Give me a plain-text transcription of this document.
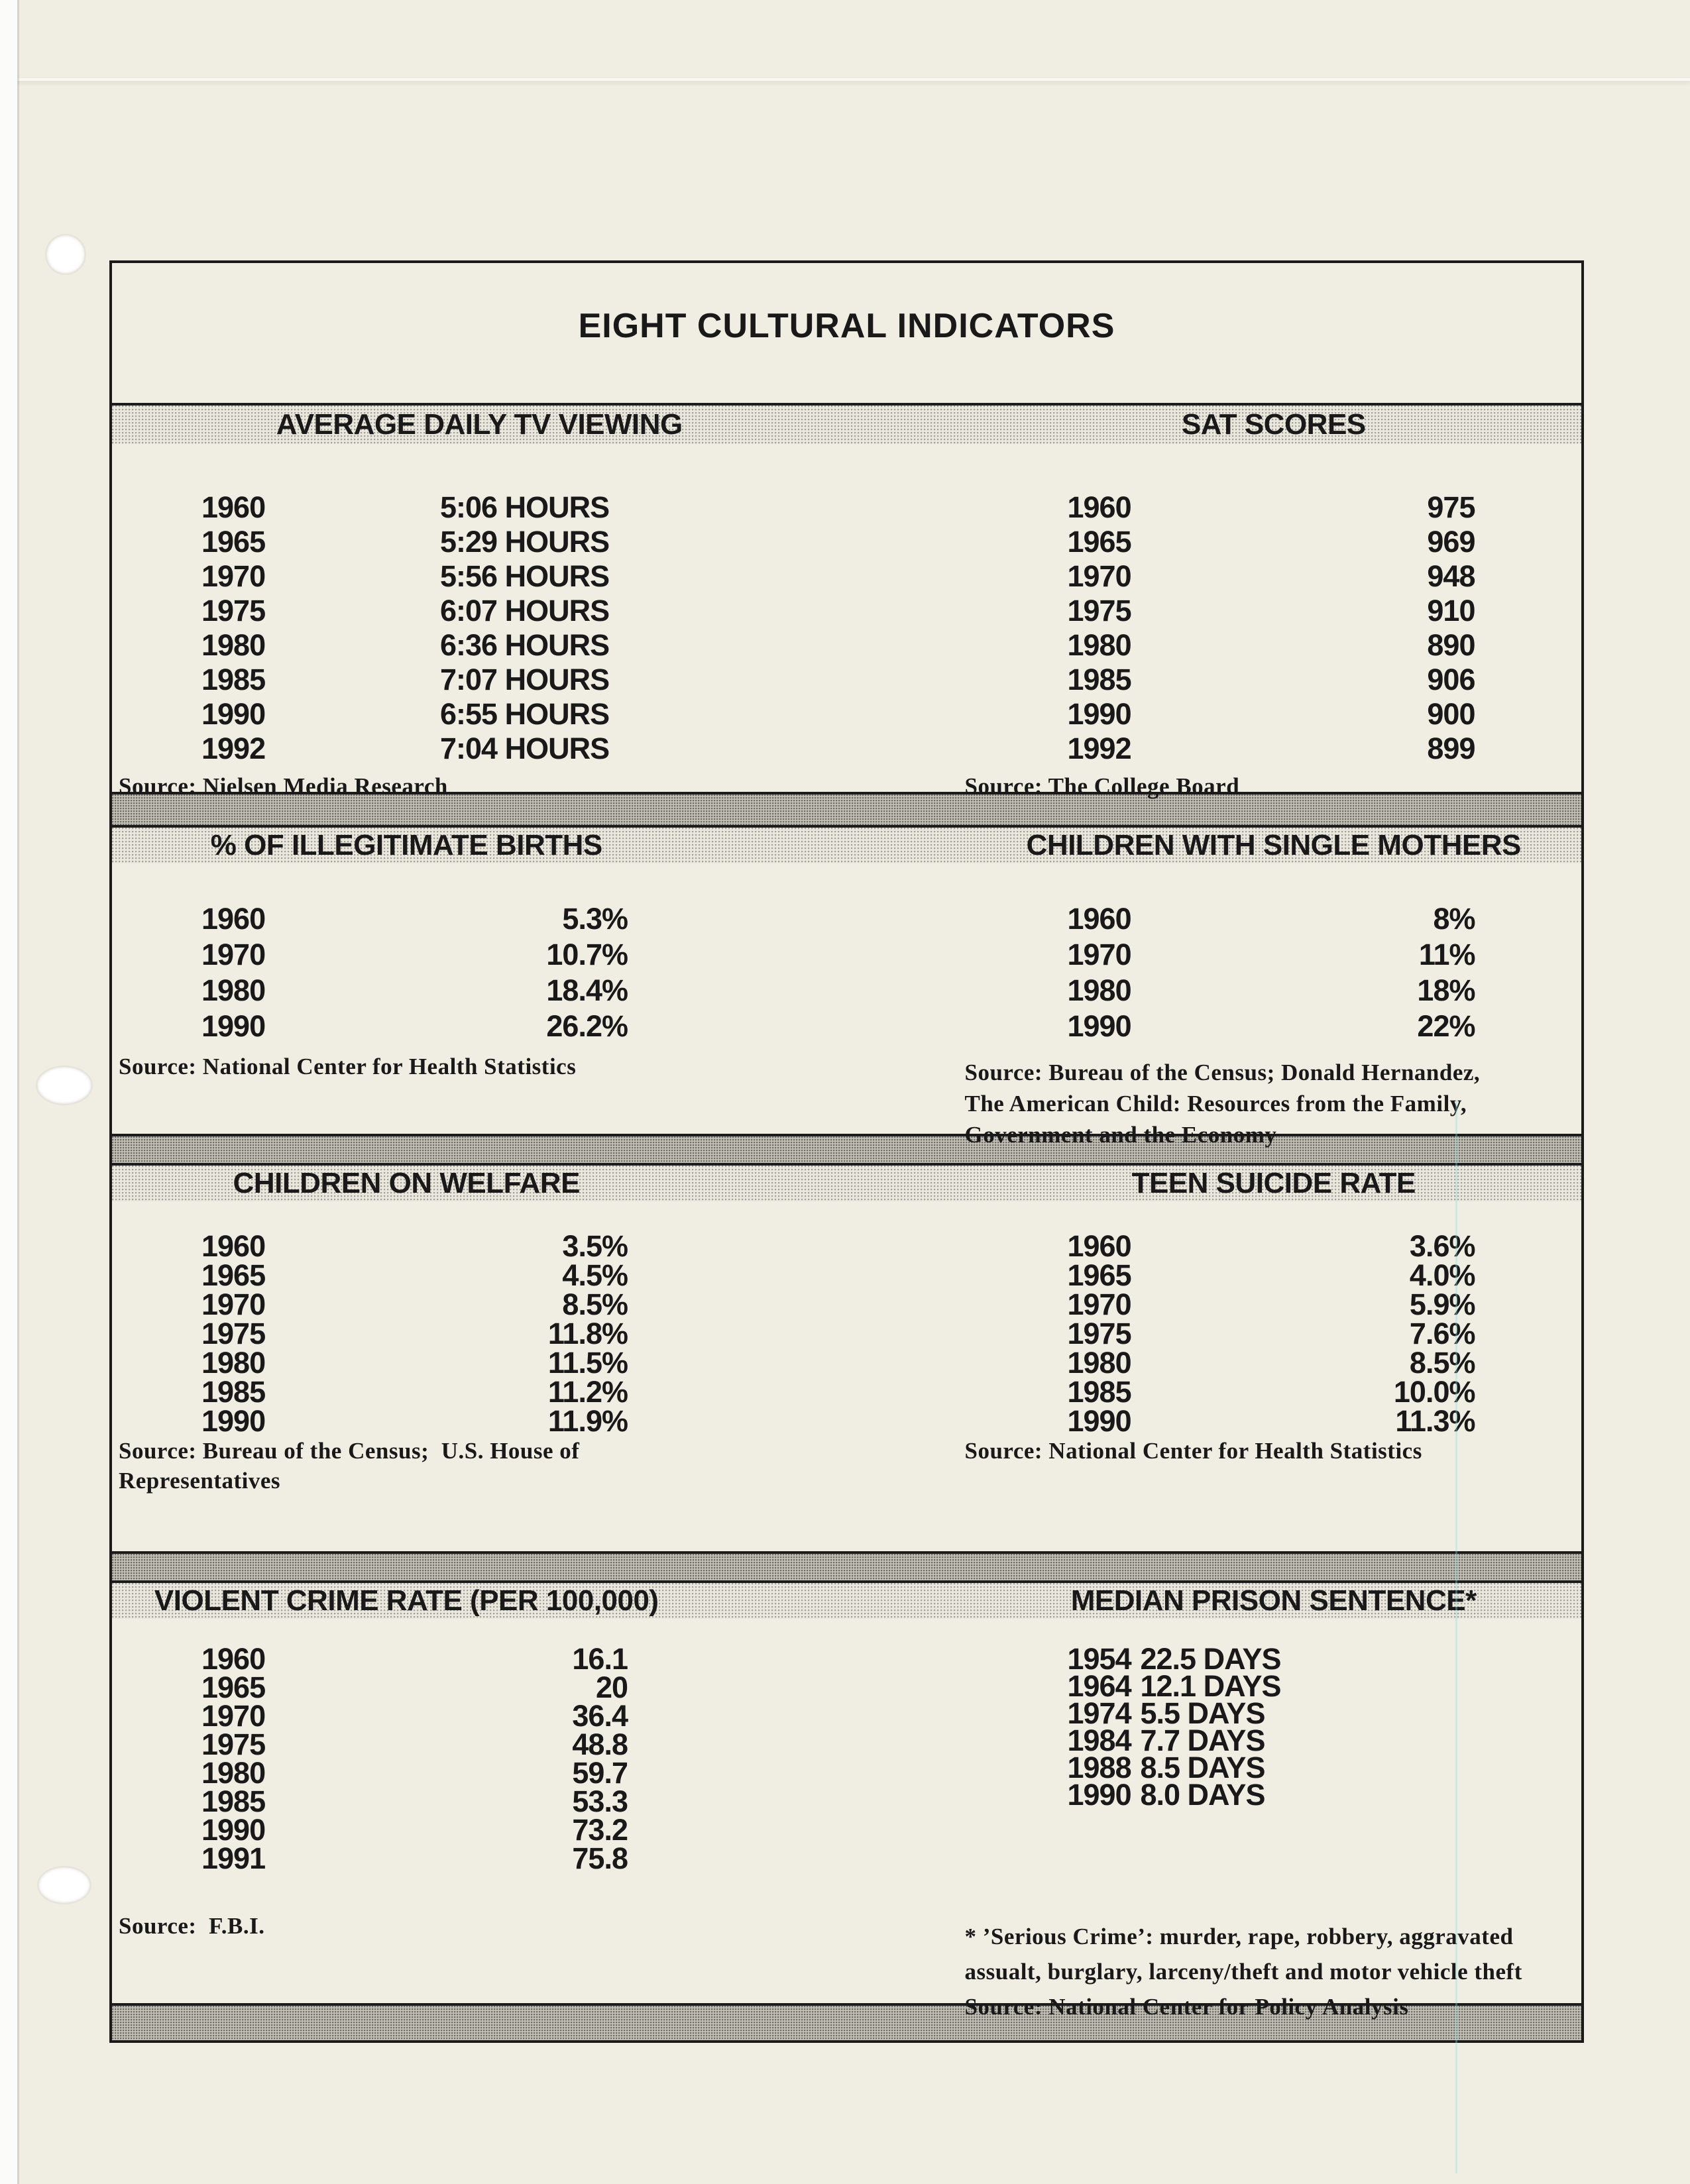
EIGHT CULTURAL INDICATORS
AVERAGE DAILY TV VIEWING	SAT SCORES
1960	5:06 HOURS
1965	5:29 HOURS
1970	5:56 HOURS
1975	6:07 HOURS
1980	6:36 HOURS
1985	7:07 HOURS
1990	6:55 HOURS
1992	7:04 HOURS
Source: Nielsen Media Research
1960	975
1965	969
1970	948
1975	910
1980	890
1985	906
1990	900
1992	899
Source: The College Board
% OF ILLEGITIMATE BIRTHS	CHILDREN WITH SINGLE MOTHERS
1960	5.3%
1970	10.7%
1980	18.4%
1990	26.2%
Source: National Center for Health Statistics
1960	8%
1970	11%
1980	18%
1990	22%
Source: Bureau of the Census; Donald Hernandez,
The American Child: Resources from the Family,
Government and the Economy
CHILDREN ON WELFARE	TEEN SUICIDE RATE
1960	3.5%
1965	4.5%
1970	8.5%
1975	11.8%
1980	11.5%
1985	11.2%
1990	11.9%
Source: Bureau of the Census;  U.S. House of
Representatives
1960	3.6%
1965	4.0%
1970	5.9%
1975	7.6%
1980	8.5%
1985	10.0%
1990	11.3%
Source: National Center for Health Statistics
VIOLENT CRIME RATE (PER 100,000)	MEDIAN PRISON SENTENCE*
1960	16.1
1965	20
1970	36.4
1975	48.8
1980	59.7
1985	53.3
1990	73.2
1991	75.8
Source:  F.B.I.
1954 22.5 DAYS
1964 12.1 DAYS
1974 5.5 DAYS
1984 7.7 DAYS
1988 8.5 DAYS
1990 8.0 DAYS
* ’Serious Crime’: murder, rape, robbery, aggravated
assualt, burglary, larceny/theft and motor vehicle theft
Source: National Center for Policy Analysis
